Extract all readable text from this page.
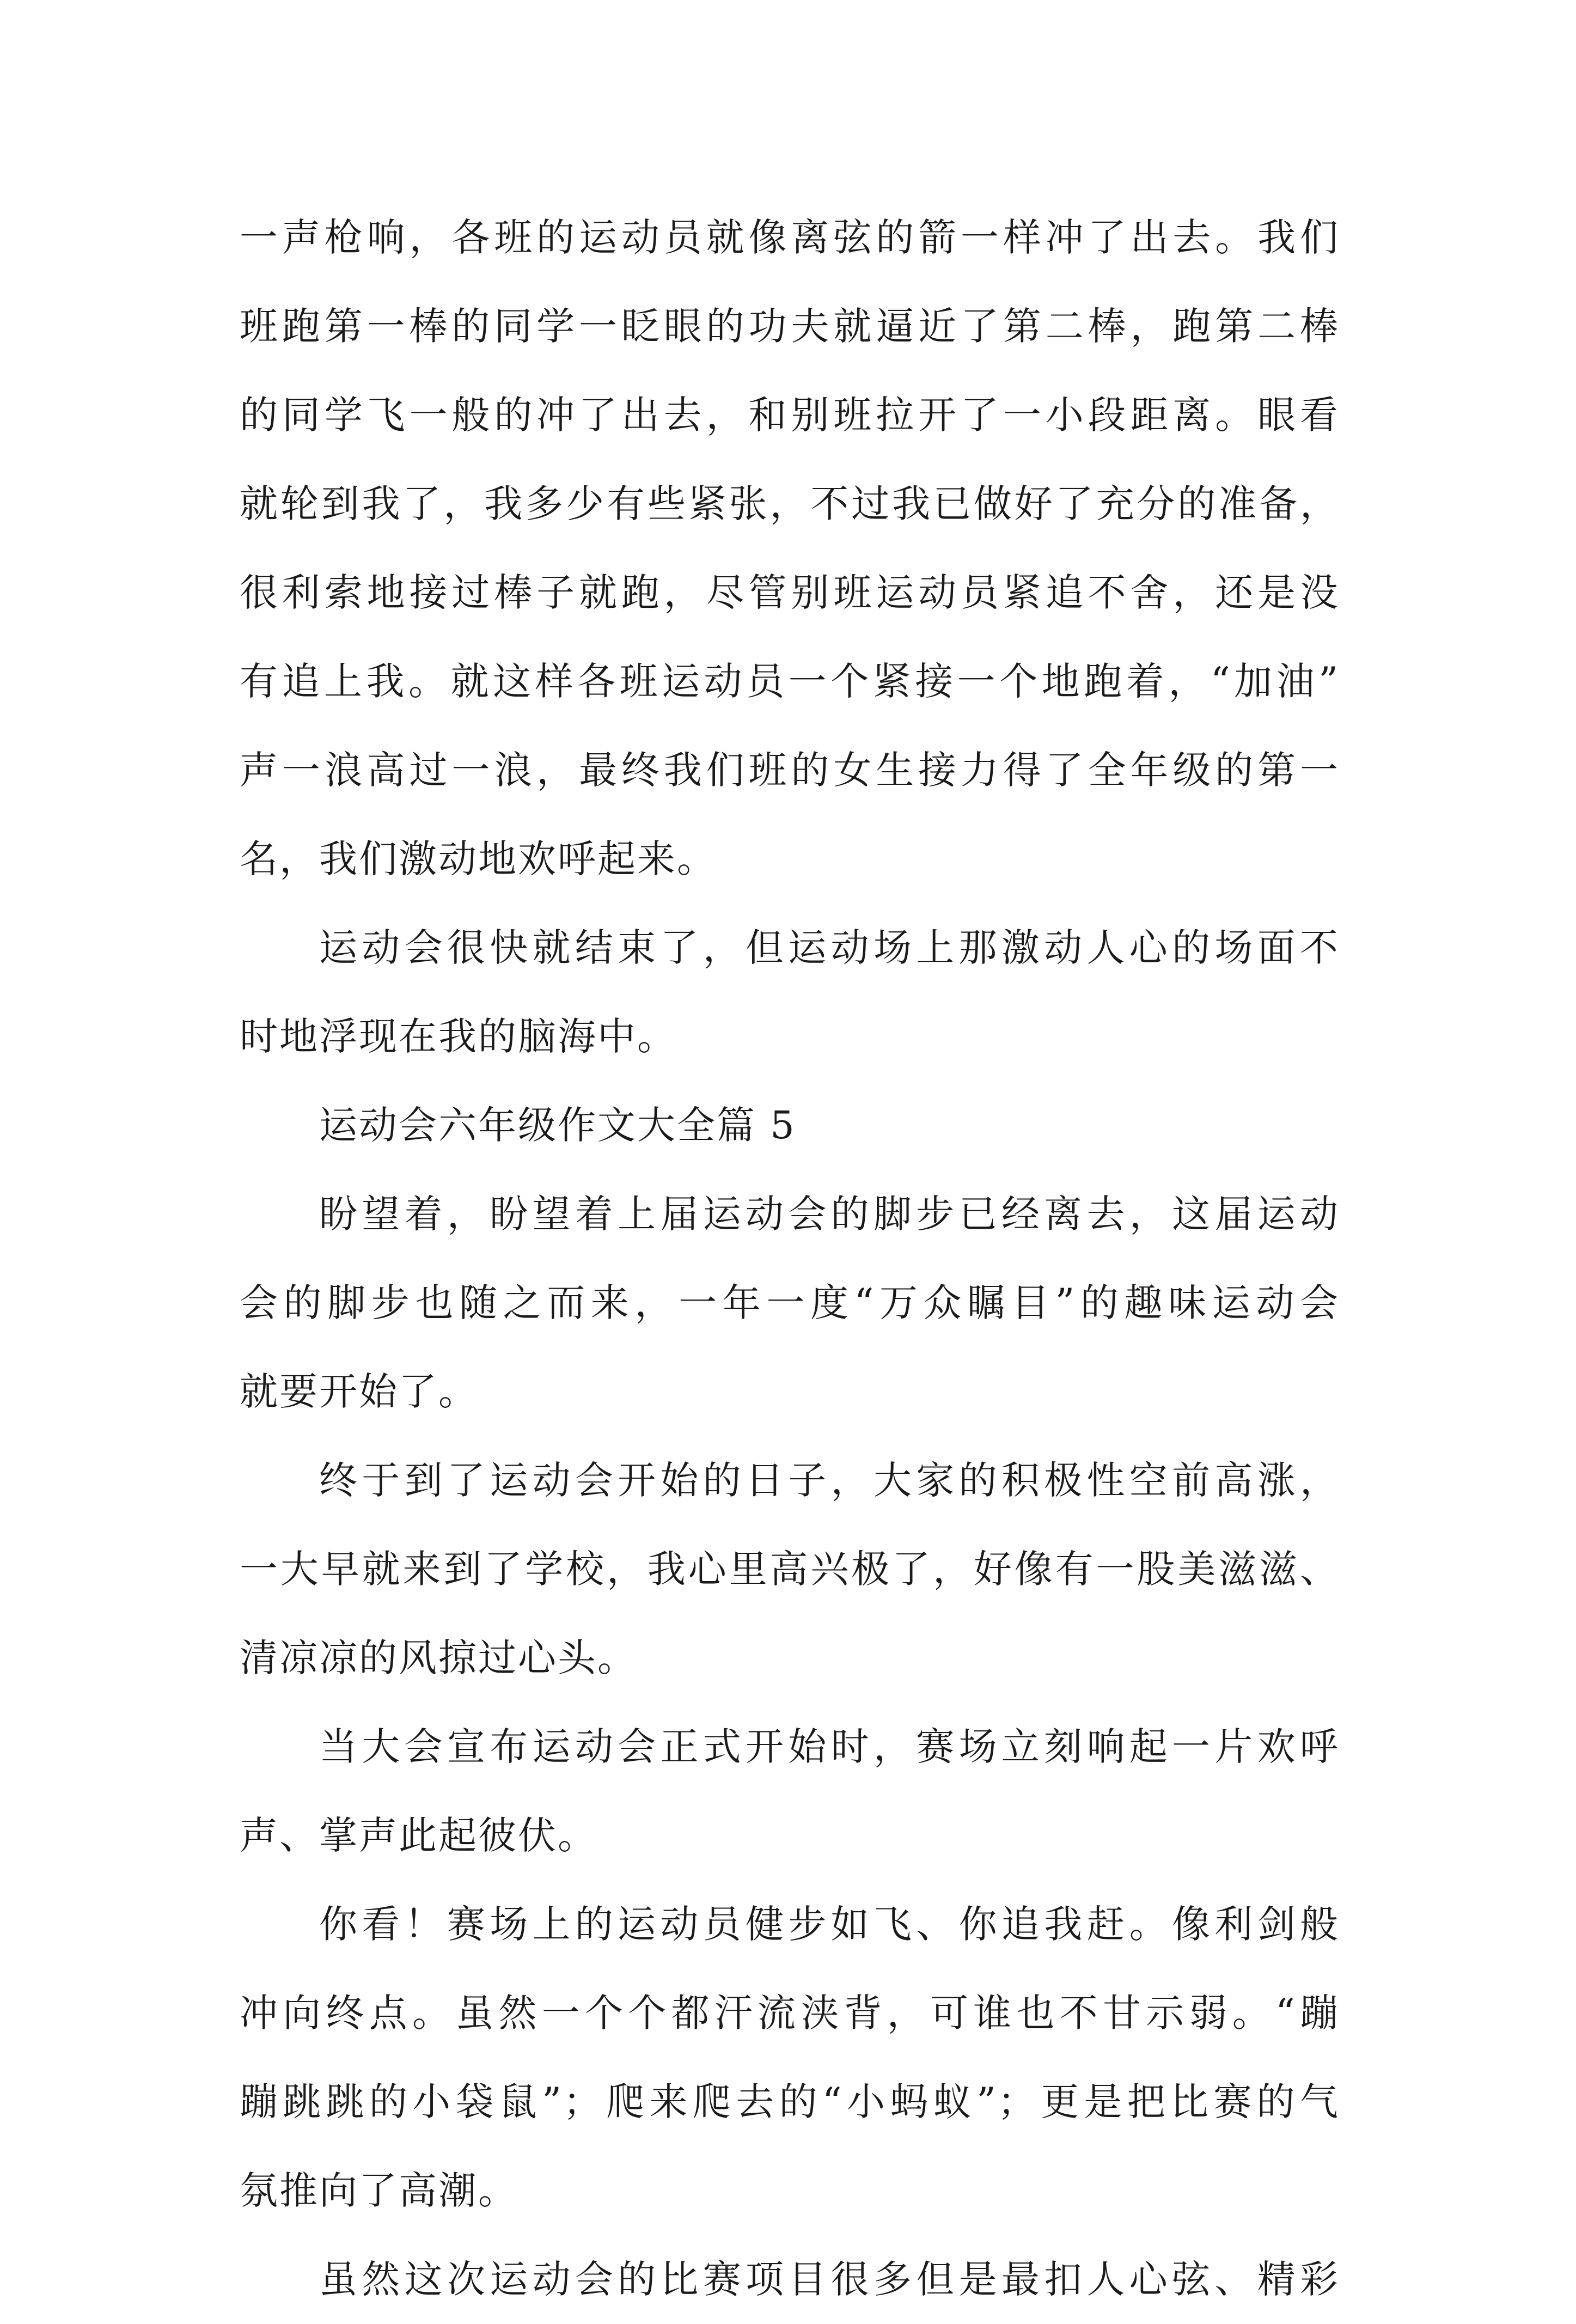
一声枪响，各班的运动员就像离弦的箭一样冲了出去。我们
班跑第一棒的同学一眨眼的功夫就逼近了第二棒，跑第二棒
的同学飞一般的冲了出去，和别班拉开了一小段距离。眼看
就轮到我了，我多少有些紧张，不过我已做好了充分的准备，
很利索地接过棒子就跑，尽管别班运动员紧追不舍，还是没
有追上我。就这样各班运动员一个紧接一个地跑着，“加油”
声一浪高过一浪，最终我们班的女生接力得了全年级的第一
名，我们激动地欢呼起来。
运动会很快就结束了，但运动场上那激动人心的场面不
时地浮现在我的脑海中。
运动会六年级作文大全篇 5
盼望着，盼望着上届运动会的脚步已经离去，这届运动
会的脚步也随之而来，一年一度“万众瞩目”的趣味运动会
就要开始了。
终于到了运动会开始的日子，大家的积极性空前高涨，
一大早就来到了学校，我心里高兴极了，好像有一股美滋滋、
清凉凉的风掠过心头。
当大会宣布运动会正式开始时，赛场立刻响起一片欢呼
声、掌声此起彼伏。
你看！赛场上的运动员健步如飞、你追我赶。像利剑般
冲向终点。虽然一个个都汗流浃背，可谁也不甘示弱。“蹦
蹦跳跳的小袋鼠”；爬来爬去的“小蚂蚁”；更是把比赛的气
氛推向了高潮。
虽然这次运动会的比赛项目很多但是最扣人心弦、精彩
